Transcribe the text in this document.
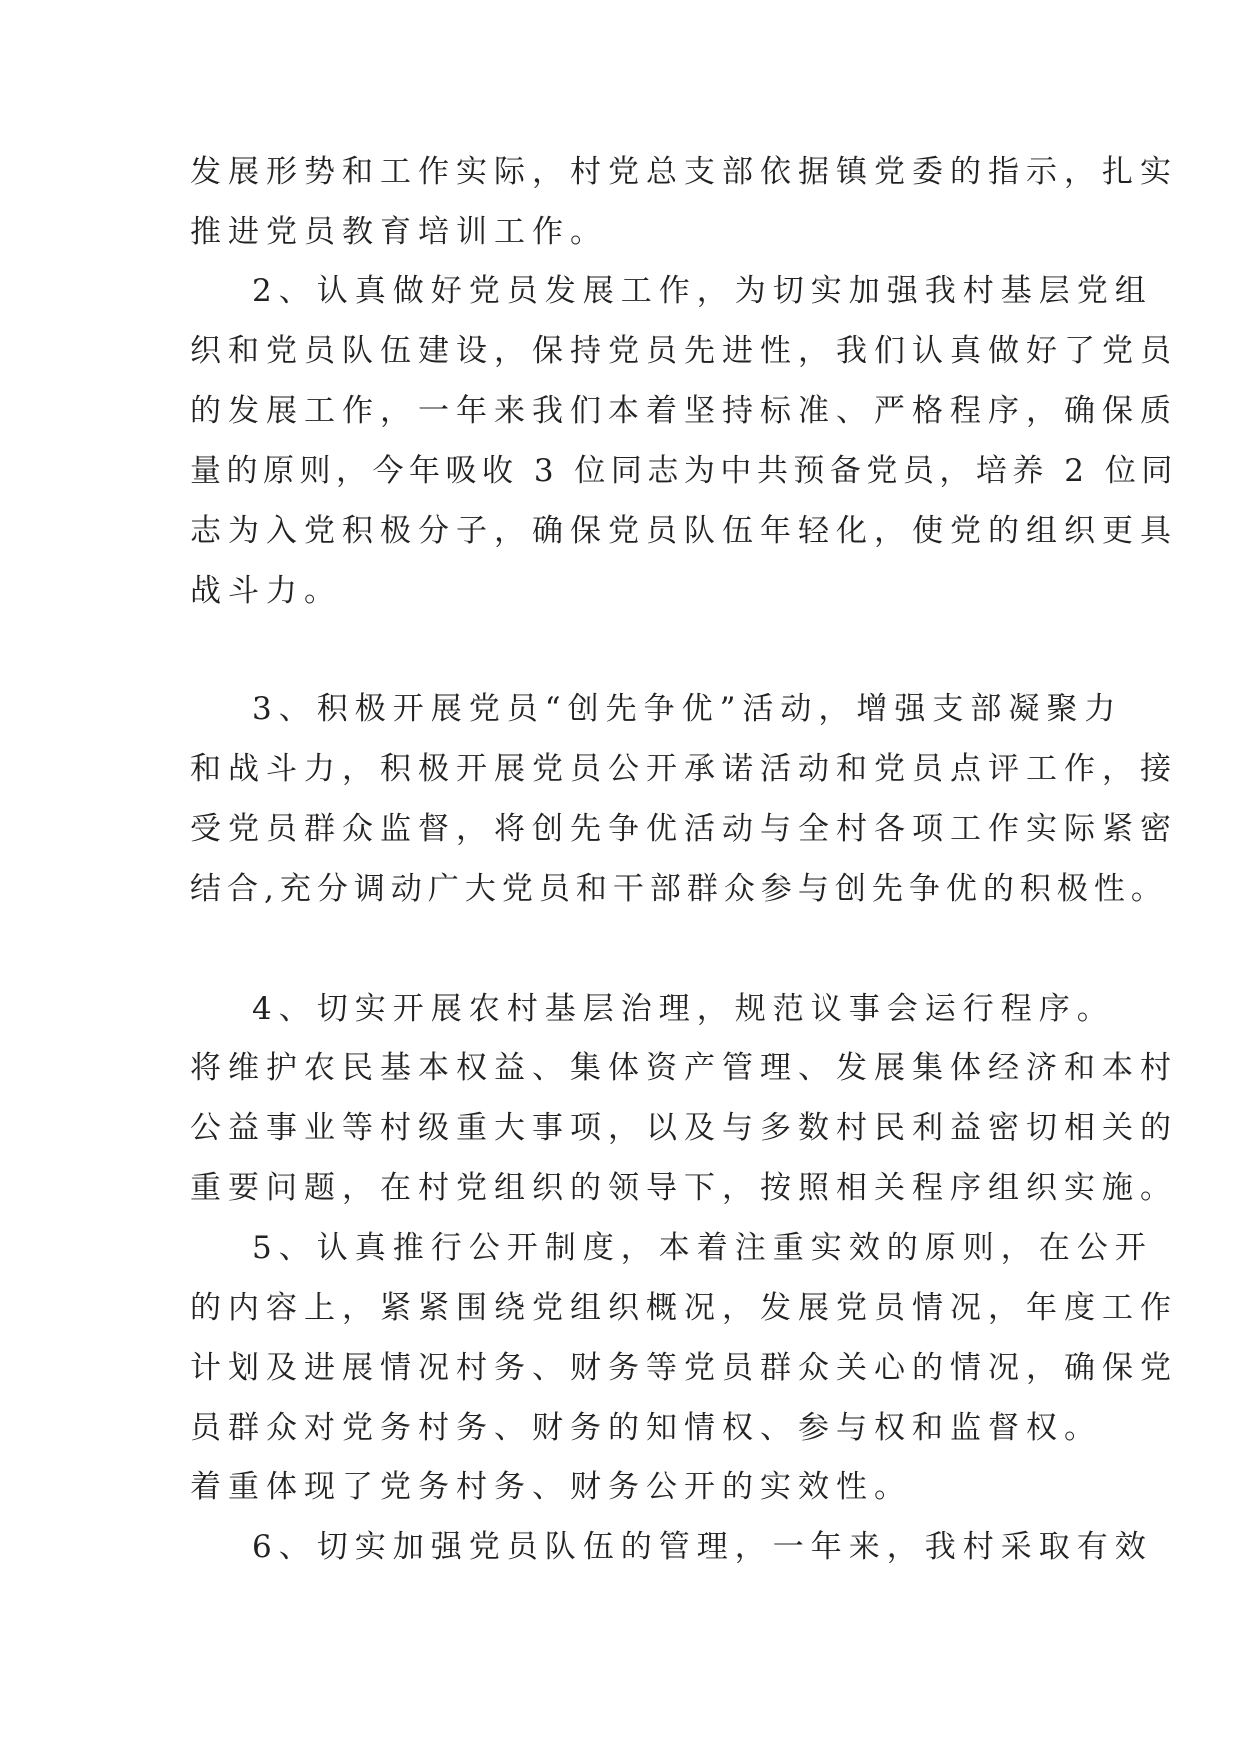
发展形势和工作实际，村党总支部依据镇党委的指示，扎实

推进党员教育培训工作。

2、认真做好党员发展工作，为切实加强我村基层党组

织和党员队伍建设，保持党员先进性，我们认真做好了党员

的发展工作，一年来我们本着坚持标准、严格程序，确保质

量的原则，今年吸收 3 位同志为中共预备党员，培养 2 位同

志为入党积极分子，确保党员队伍年轻化，使党的组织更具

战斗力。

3、积极开展党员“创先争优”活动，增强支部凝聚力

和战斗力，积极开展党员公开承诺活动和党员点评工作，接

受党员群众监督，将创先争优活动与全村各项工作实际紧密

结合,充分调动广大党员和干部群众参与创先争优的积极性。

4、切实开展农村基层治理，规范议事会运行程序。

将维护农民基本权益、集体资产管理、发展集体经济和本村

公益事业等村级重大事项，以及与多数村民利益密切相关的

重要问题，在村党组织的领导下，按照相关程序组织实施。

5、认真推行公开制度，本着注重实效的原则，在公开

的内容上，紧紧围绕党组织概况，发展党员情况，年度工作

计划及进展情况村务、财务等党员群众关心的情况，确保党

员群众对党务村务、财务的知情权、参与权和监督权。

着重体现了党务村务、财务公开的实效性。

6、切实加强党员队伍的管理，一年来，我村采取有效
